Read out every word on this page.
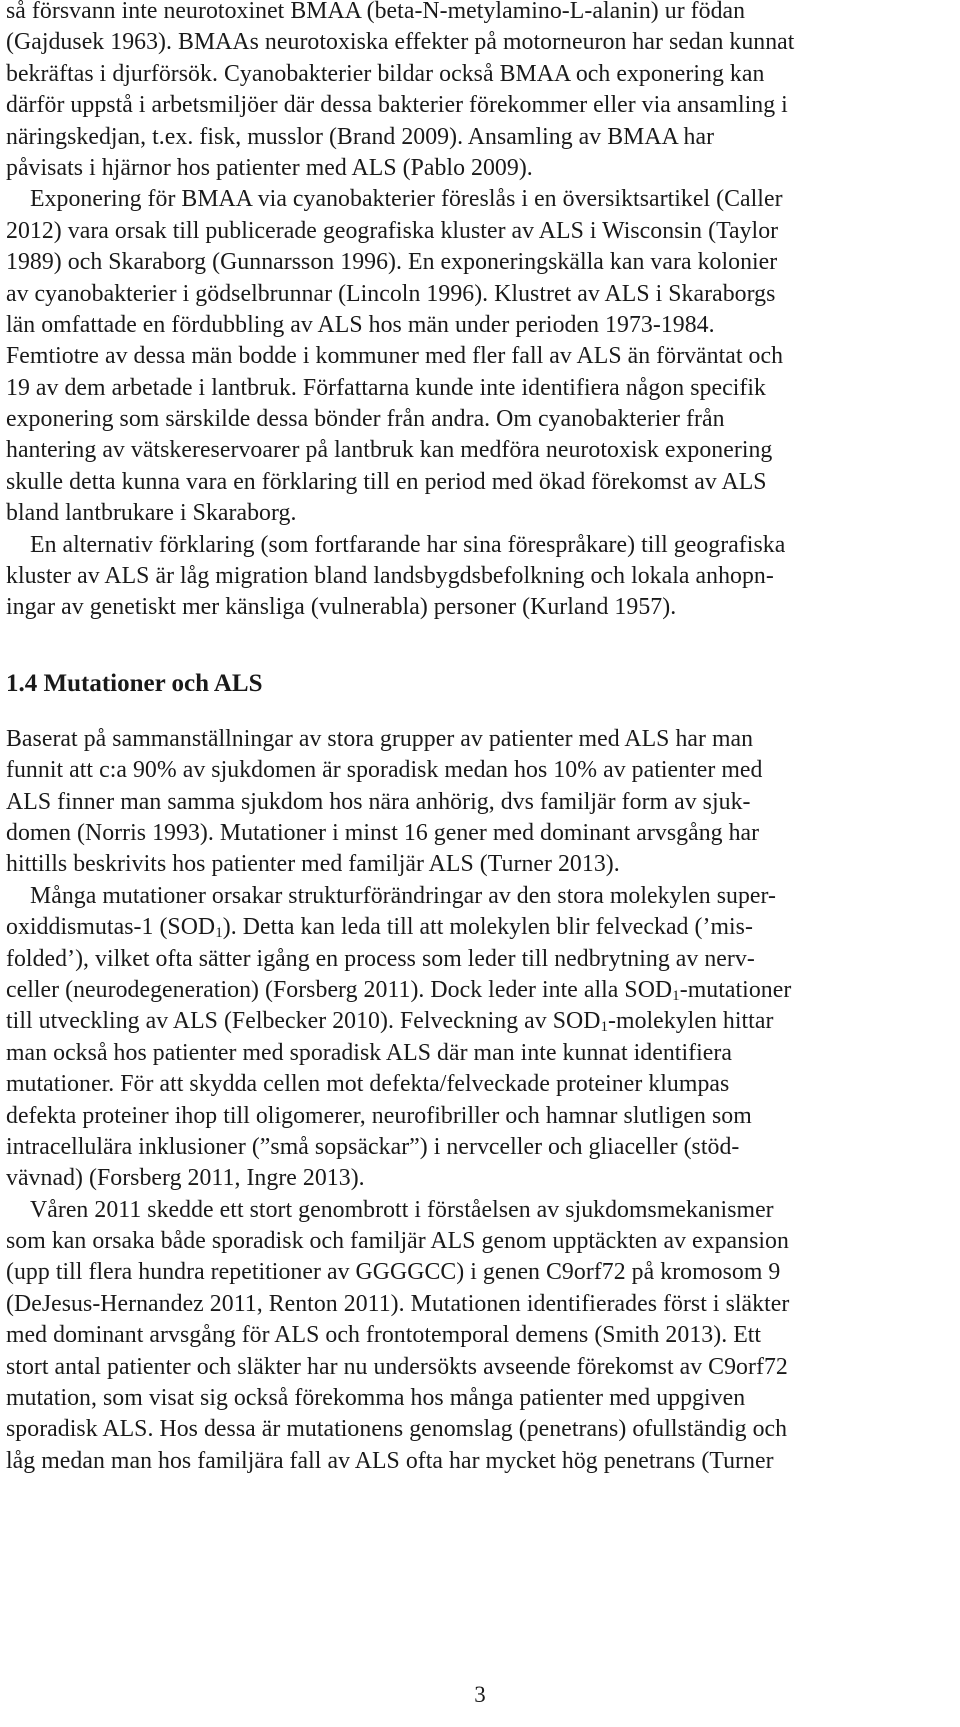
så försvann inte neurotoxinet BMAA (beta-N-metylamino-L-alanin) ur födan
(Gajdusek 1963). BMAAs neurotoxiska effekter på motorneuron har sedan kunnat
bekräftas i djurförsök. Cyanobakterier bildar också BMAA och exponering kan
därför uppstå i arbetsmiljöer där dessa bakterier förekommer eller via ansamling i
näringskedjan, t.ex. fisk, musslor (Brand 2009). Ansamling av BMAA har
påvisats i hjärnor hos patienter med ALS (Pablo 2009).
Exponering för BMAA via cyanobakterier föreslås i en översiktsartikel (Caller
2012) vara orsak till publicerade geografiska kluster av ALS i Wisconsin (Taylor
1989) och Skaraborg (Gunnarsson 1996). En exponeringskälla kan vara kolonier
av cyanobakterier i gödselbrunnar (Lincoln 1996). Klustret av ALS i Skaraborgs
län omfattade en fördubbling av ALS hos män under perioden 1973-1984.
Femtiotre av dessa män bodde i kommuner med fler fall av ALS än förväntat och
19 av dem arbetade i lantbruk. Författarna kunde inte identifiera någon specifik
exponering som särskilde dessa bönder från andra. Om cyanobakterier från
hantering av vätskereservoarer på lantbruk kan medföra neurotoxisk exponering
skulle detta kunna vara en förklaring till en period med ökad förekomst av ALS
bland lantbrukare i Skaraborg.
En alternativ förklaring (som fortfarande har sina förespråkare) till geografiska
kluster av ALS är låg migration bland landsbygdsbefolkning och lokala anhopn-
ingar av genetiskt mer känsliga (vulnerabla) personer (Kurland 1957).
1.4 Mutationer och ALS
Baserat på sammanställningar av stora grupper av patienter med ALS har man
funnit att c:a 90% av sjukdomen är sporadisk medan hos 10% av patienter med
ALS finner man samma sjukdom hos nära anhörig, dvs familjär form av sjuk-
domen (Norris 1993). Mutationer i minst 16 gener med dominant arvsgång har
hittills beskrivits hos patienter med familjär ALS (Turner 2013).
Många mutationer orsakar strukturförändringar av den stora molekylen super-
oxiddismutas-1 $(SOD_1)$. Detta kan leda till att molekylen blir felveckad (’mis-
folded’), vilket ofta sätter igång en process som leder till nedbrytning av nerv-
celler (neurodegeneration) (Forsberg 2011). Dock leder inte alla $SOD_1$-mutationer
till utveckling av ALS (Felbecker 2010). Felveckning av $SOD_1$-molekylen hittar
man också hos patienter med sporadisk ALS där man inte kunnat identifiera
mutationer. För att skydda cellen mot defekta/felveckade proteiner klumpas
defekta proteiner ihop till oligomerer, neurofibriller och hamnar slutligen som
intracellulära inklusioner (”små sopsäckar”) i nervceller och gliaceller (stöd-
vävnad) (Forsberg 2011, Ingre 2013).
Våren 2011 skedde ett stort genombrott i förståelsen av sjukdomsmekanismer
som kan orsaka både sporadisk och familjär ALS genom upptäckten av expansion
(upp till flera hundra repetitioner av GGGGCC) i genen C9orf72 på kromosom 9
(DeJesus-Hernandez 2011, Renton 2011). Mutationen identifierades först i släkter
med dominant arvsgång för ALS och frontotemporal demens (Smith 2013). Ett
stort antal patienter och släkter har nu undersökts avseende förekomst av C9orf72
mutation, som visat sig också förekomma hos många patienter med uppgiven
sporadisk ALS. Hos dessa är mutationens genomslag (penetrans) ofullständig och
låg medan man hos familjära fall av ALS ofta har mycket hög penetrans (Turner
3
